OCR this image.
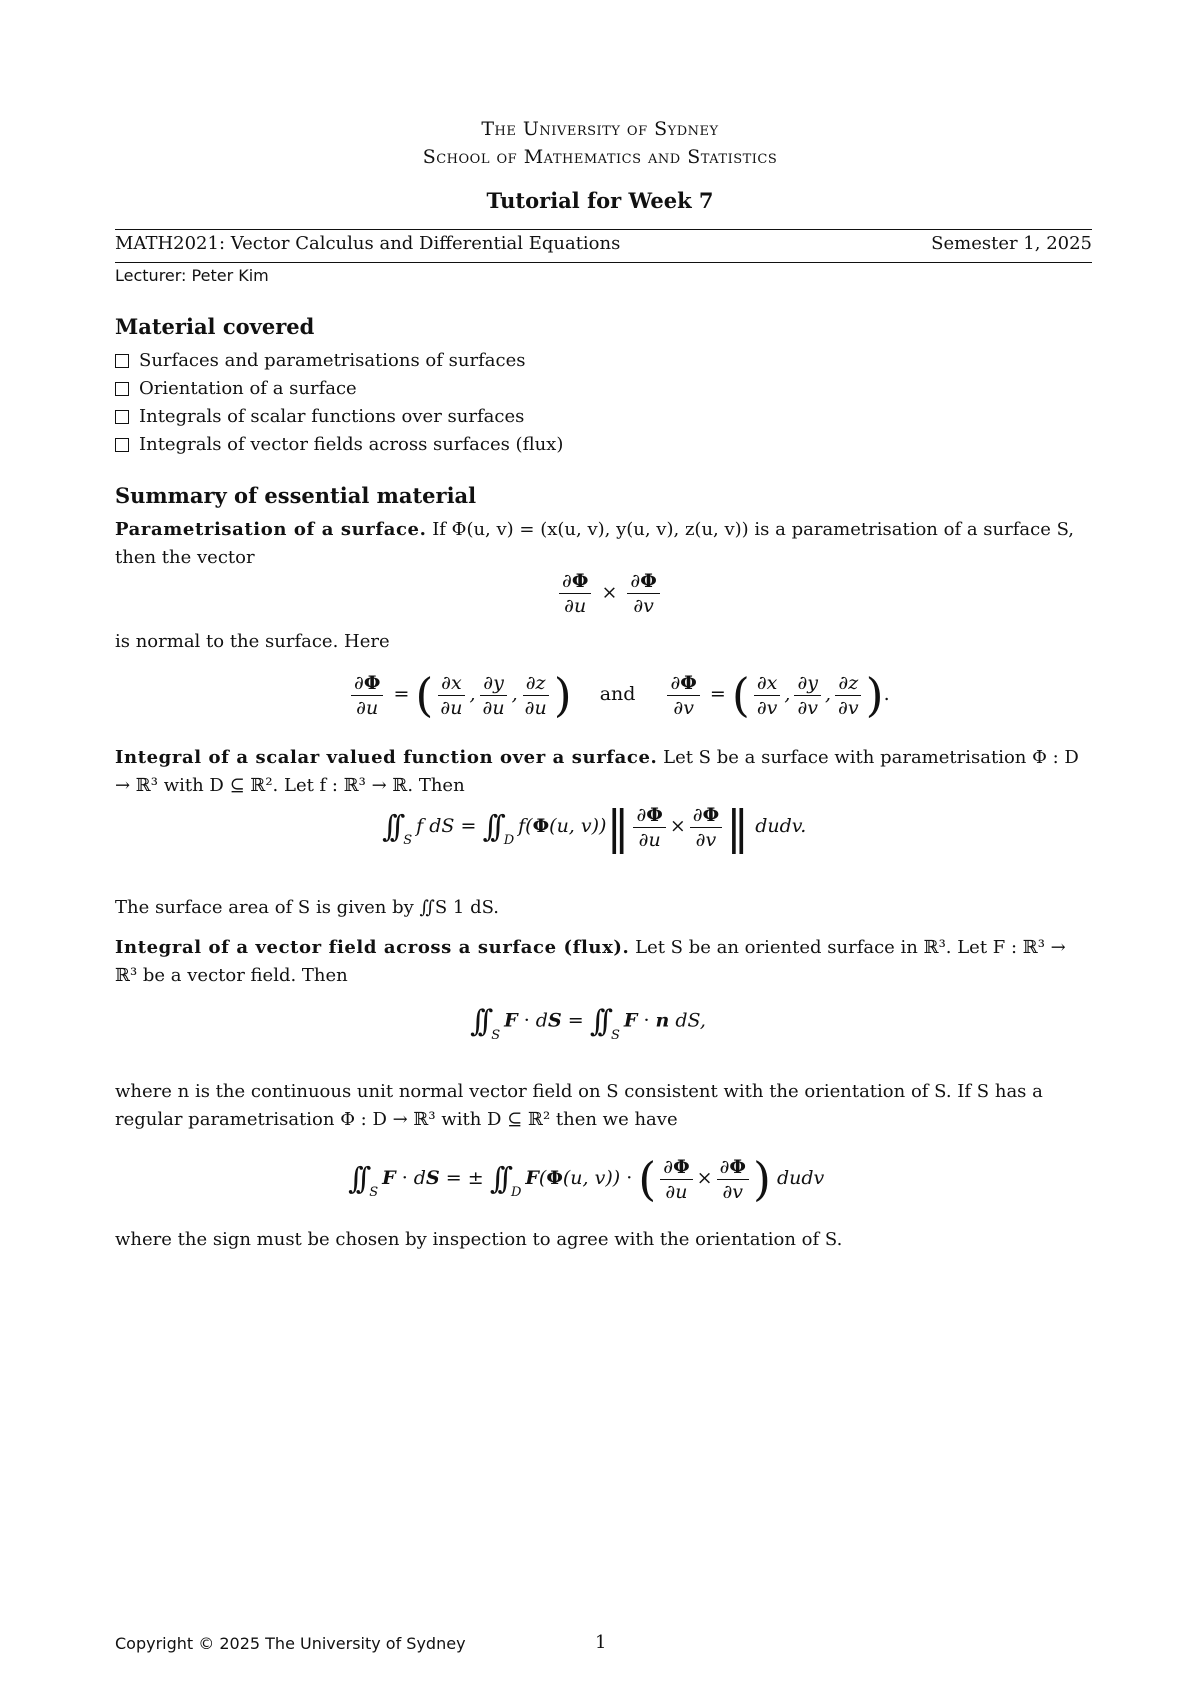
The University of Sydney
School of Mathematics and Statistics
Tutorial for Week 7
MATH2021: Vector Calculus and Differential Equations	Semester 1, 2025
Lecturer: Peter Kim
Material covered
Surfaces and parametrisations of surfaces
Orientation of a surface
Integrals of scalar functions over surfaces
Integrals of vector fields across surfaces (flux)
Summary of essential material
Parametrisation of a surface. If Φ(u, v) = (x(u, v), y(u, v), z(u, v)) is a parametrisation of a surface S, then the vector
$\frac{\partial\Phi}{\partial u} \times \frac{\partial\Phi}{\partial v}$
is normal to the surface. Here
$\frac{\partial\Phi}{\partial u}$ = ( $\frac{\partial x}{\partial u}$ , $\frac{\partial y}{\partial u}$ , $\frac{\partial z}{\partial u}$ ) and $\frac{\partial\Phi}{\partial v}$ = ( $\frac{\partial x}{\partial v}$ , $\frac{\partial y}{\partial v}$ , $\frac{\partial z}{\partial v}$ ).
Integral of a scalar valued function over a surface. Let S be a surface with parametrisation Φ : D → ℝ³ with D ⊆ ℝ². Let f : ℝ³ → ℝ. Then
∫∫ $_S$f dS = ∫∫ $_D$f(Φ(u, v))‖ $\frac{\partial\Phi}{\partial u} \times \frac{\partial\Phi}{\partial v}$ ‖ dudv.
The surface area of S is given by ∬S 1 dS.
Integral of a vector field across a surface (flux). Let S be an oriented surface in ℝ³. Let F : ℝ³ → ℝ³ be a vector field. Then
∫∫ $_S$F · dS = ∫∫ $_S$F · n dS,
where n is the continuous unit normal vector field on S consistent with the orientation of S. If S has a regular parametrisation Φ : D → ℝ³ with D ⊆ ℝ² then we have
∫∫ $_S$F · dS = ± ∫∫ $_D$F(Φ(u, v)) · ( $\frac{\partial\Phi}{\partial u} \times \frac{\partial\Phi}{\partial v}$ ) dudv
where the sign must be chosen by inspection to agree with the orientation of S.
Copyright © 2025 The University of Sydney	1
